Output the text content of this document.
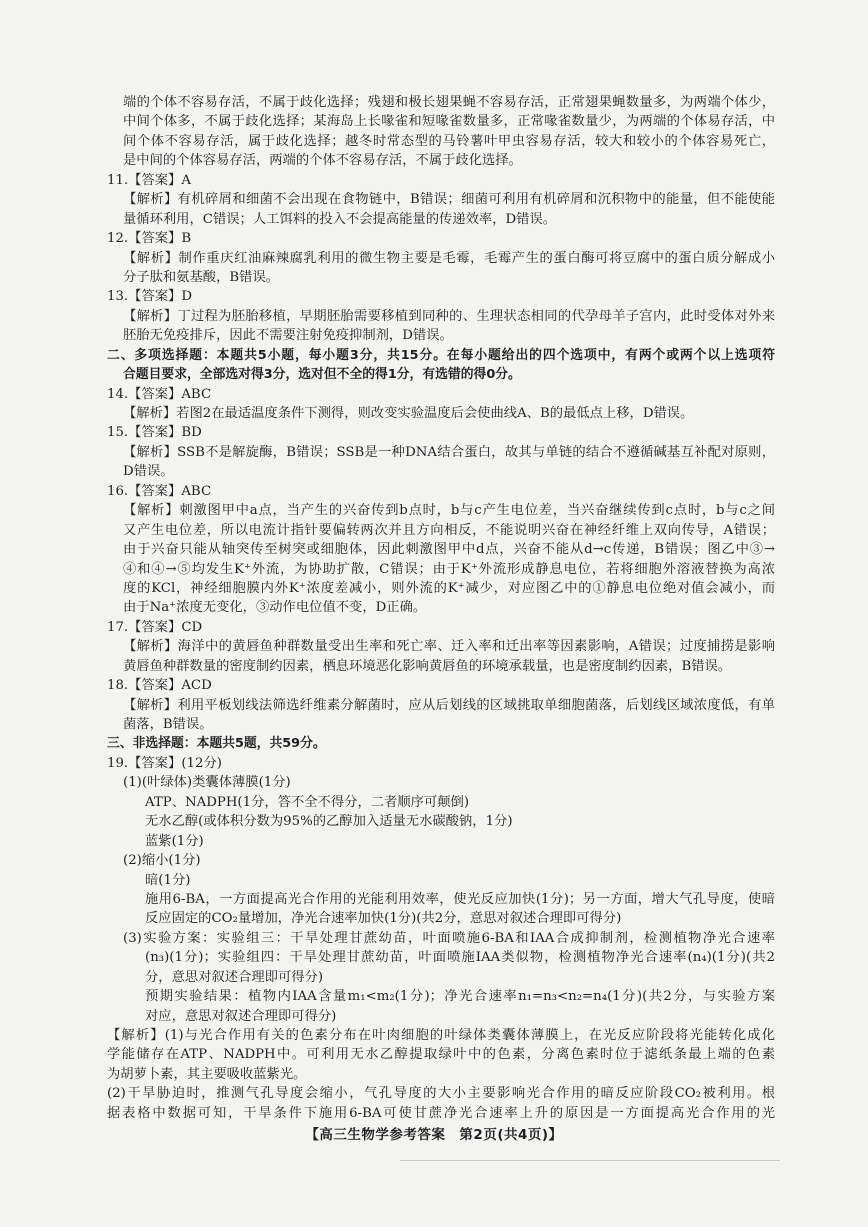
端的个体不容易存活，不属于歧化选择；残翅和极长翅果蝇不容易存活，正常翅果蝇数量多，为两端个体少，
中间个体多，不属于歧化选择；某海岛上长喙雀和短喙雀数量多，正常喙雀数量少，为两端的个体易存活，中
间个体不容易存活，属于歧化选择；越冬时常态型的马铃薯叶甲虫容易存活，较大和较小的个体容易死亡，
是中间的个体容易存活，两端的个体不容易存活，不属于歧化选择。
11.【答案】A
【解析】有机碎屑和细菌不会出现在食物链中，B错误；细菌可利用有机碎屑和沉积物中的能量，但不能使能
量循环利用，C错误；人工饵料的投入不会提高能量的传递效率，D错误。
12.【答案】B
【解析】制作重庆红油麻辣腐乳利用的微生物主要是毛霉，毛霉产生的蛋白酶可将豆腐中的蛋白质分解成小
分子肽和氨基酸，B错误。
13.【答案】D
【解析】丁过程为胚胎移植，早期胚胎需要移植到同种的、生理状态相同的代孕母羊子宫内，此时受体对外来
胚胎无免疫排斥，因此不需要注射免疫抑制剂，D错误。
二、多项选择题：本题共5小题，每小题3分，共15分。在每小题给出的四个选项中，有两个或两个以上选项符
合题目要求，全部选对得3分，选对但不全的得1分，有选错的得0分。
14.【答案】ABC
【解析】若图2在最适温度条件下测得，则改变实验温度后会使曲线A、B的最低点上移，D错误。
15.【答案】BD
【解析】SSB不是解旋酶，B错误；SSB是一种DNA结合蛋白，故其与单链的结合不遵循碱基互补配对原则，
D错误。
16.【答案】ABC
【解析】刺激图甲中a点，当产生的兴奋传到b点时，b与c产生电位差，当兴奋继续传到c点时，b与c之间
又产生电位差，所以电流计指针要偏转两次并且方向相反，不能说明兴奋在神经纤维上双向传导，A错误；
由于兴奋只能从轴突传至树突或细胞体，因此刺激图甲中d点，兴奋不能从d→c传递，B错误；图乙中③→
④和④→⑤均发生K⁺外流，为协助扩散，C错误；由于K⁺外流形成静息电位，若将细胞外溶液替换为高浓
度的KCl，神经细胞膜内外K⁺浓度差减小，则外流的K⁺减少，对应图乙中的①静息电位绝对值会减小，而
由于Na⁺浓度无变化，③动作电位值不变，D正确。
17.【答案】CD
【解析】海洋中的黄唇鱼种群数量受出生率和死亡率、迁入率和迁出率等因素影响，A错误；过度捕捞是影响
黄唇鱼种群数量的密度制约因素，栖息环境恶化影响黄唇鱼的环境承载量，也是密度制约因素，B错误。
18.【答案】ACD
【解析】利用平板划线法筛选纤维素分解菌时，应从后划线的区域挑取单细胞菌落，后划线区域浓度低，有单
菌落，B错误。
三、非选择题：本题共5题，共59分。
19.【答案】(12分)
(1)(叶绿体)类囊体薄膜(1分)
ATP、NADPH(1分，答不全不得分，二者顺序可颠倒)
无水乙醇(或体积分数为95%的乙醇加入适量无水碳酸钠，1分)
蓝紫(1分)
(2)缩小(1分)
暗(1分)
施用6-BA，一方面提高光合作用的光能利用效率，使光反应加快(1分)；另一方面，增大气孔导度，使暗
反应固定的CO₂量增加，净光合速率加快(1分)(共2分，意思对叙述合理即可得分)
(3)实验方案：实验组三：干旱处理甘蔗幼苗，叶面喷施6-BA和IAA合成抑制剂，检测植物净光合速率
(n₃)(1分)；实验组四：干旱处理甘蔗幼苗，叶面喷施IAA类似物，检测植物净光合速率(n₄)(1分)(共2
分，意思对叙述合理即可得分)
预期实验结果：植物内IAA含量m₁<m₂(1分)；净光合速率n₁=n₃<n₂=n₄(1分)(共2分，与实验方案
对应，意思对叙述合理即可得分)
【解析】(1)与光合作用有关的色素分布在叶肉细胞的叶绿体类囊体薄膜上，在光反应阶段将光能转化成化
学能储存在ATP、NADPH中。可利用无水乙醇提取绿叶中的色素，分离色素时位于滤纸条最上端的色素
为胡萝卜素，其主要吸收蓝紫光。
(2)干旱胁迫时，推测气孔导度会缩小，气孔导度的大小主要影响光合作用的暗反应阶段CO₂被利用。根
据表格中数据可知，干旱条件下施用6-BA可使甘蔗净光合速率上升的原因是一方面提高光合作用的光
【高三生物学参考答案　第2页(共4页)】
